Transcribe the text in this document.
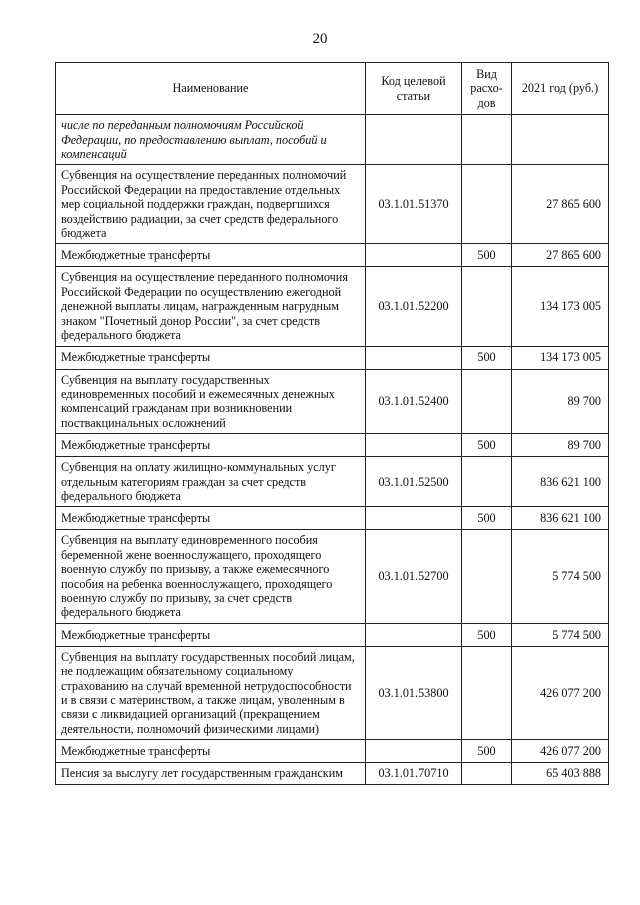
20
Наименование	Код целевой статьи	Вид расхо-дов	2021 год (руб.)
числе по переданным полномочиям Российской Федерации, по предоставлению выплат, пособий и компенсаций			
Субвенция на осуществление переданных полномочий Российской Федерации на предоставление отдельных мер социальной поддержки граждан, подвергшихся воздействию радиации, за счет средств федерального бюджета	03.1.01.51370		27 865 600
Межбюджетные трансферты		500	27 865 600
Субвенция на осуществление переданного полномочия Российской Федерации по осуществлению ежегодной денежной выплаты лицам, награжденным нагрудным знаком "Почетный донор России", за счет средств федерального бюджета	03.1.01.52200		134 173 005
Межбюджетные трансферты		500	134 173 005
Субвенция на выплату государственных единовременных пособий и ежемесячных денежных компенсаций гражданам при возникновении поствакцинальных осложнений	03.1.01.52400		89 700
Межбюджетные трансферты		500	89 700
Субвенция на оплату жилищно-коммунальных услуг отдельным категориям граждан за счет средств федерального бюджета	03.1.01.52500		836 621 100
Межбюджетные трансферты		500	836 621 100
Субвенция на выплату единовременного пособия беременной жене военнослужащего, проходящего военную службу по призыву, а также ежемесячного пособия на ребенка военнослужащего, проходящего военную службу по призыву, за счет средств федерального бюджета	03.1.01.52700		5 774 500
Межбюджетные трансферты		500	5 774 500
Субвенция на выплату государственных пособий лицам, не подлежащим обязательному социальному страхованию на случай временной нетрудоспособности и в связи с материнством, а также лицам, уволенным в связи с ликвидацией организаций (прекращением деятельности, полномочий физическими лицами)	03.1.01.53800		426 077 200
Межбюджетные трансферты		500	426 077 200
Пенсия за выслугу лет государственным гражданским	03.1.01.70710		65 403 888
